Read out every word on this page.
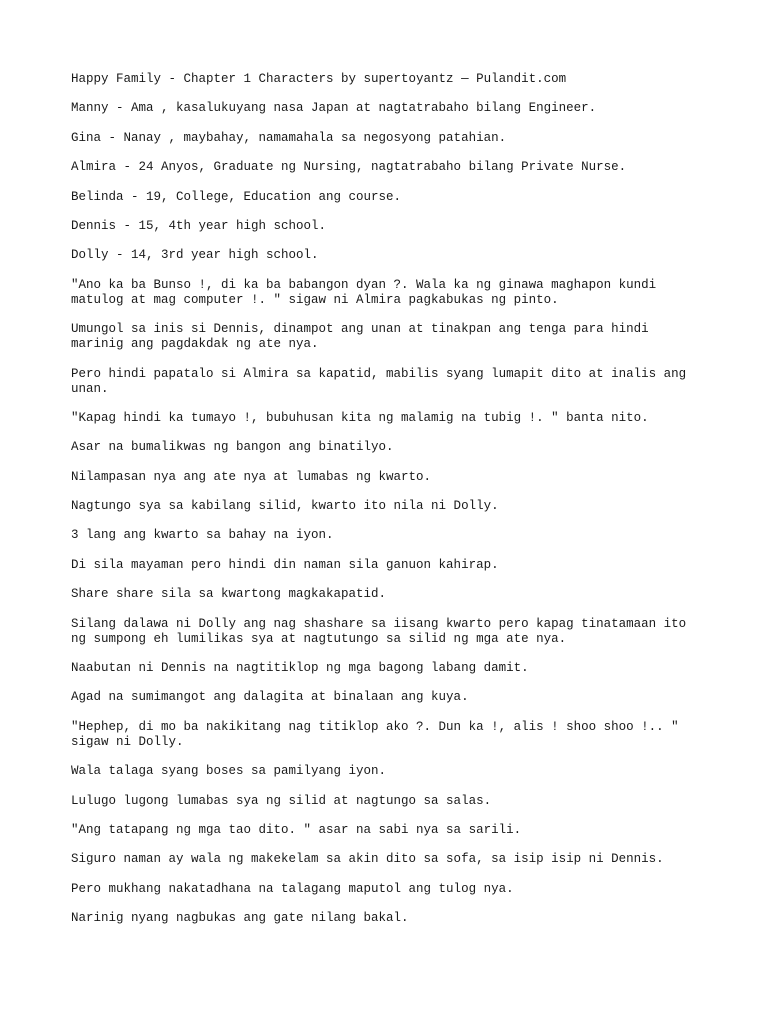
Happy Family - Chapter 1 Characters by supertoyantz — Pulandit.com

Manny - Ama , kasalukuyang nasa Japan at nagtatrabaho bilang Engineer.

Gina - Nanay , maybahay, namamahala sa negosyong patahian.

Almira - 24 Anyos, Graduate ng Nursing, nagtatrabaho bilang Private Nurse.

Belinda - 19, College, Education ang course.

Dennis - 15, 4th year high school.

Dolly - 14, 3rd year high school.

"Ano ka ba Bunso !, di ka ba babangon dyan ?. Wala ka ng ginawa maghapon kundi
matulog at mag computer !. " sigaw ni Almira pagkabukas ng pinto.

Umungol sa inis si Dennis, dinampot ang unan at tinakpan ang tenga para hindi
marinig ang pagdakdak ng ate nya.

Pero hindi papatalo si Almira sa kapatid, mabilis syang lumapit dito at inalis ang
unan.

"Kapag hindi ka tumayo !, bubuhusan kita ng malamig na tubig !. " banta nito.

Asar na bumalikwas ng bangon ang binatilyo.

Nilampasan nya ang ate nya at lumabas ng kwarto.

Nagtungo sya sa kabilang silid, kwarto ito nila ni Dolly.

3 lang ang kwarto sa bahay na iyon.

Di sila mayaman pero hindi din naman sila ganuon kahirap.

Share share sila sa kwartong magkakapatid.

Silang dalawa ni Dolly ang nag shashare sa iisang kwarto pero kapag tinatamaan ito
ng sumpong eh lumilikas sya at nagtutungo sa silid ng mga ate nya.

Naabutan ni Dennis na nagtitiklop ng mga bagong labang damit.

Agad na sumimangot ang dalagita at binalaan ang kuya.

"Hephep, di mo ba nakikitang nag titiklop ako ?. Dun ka !, alis ! shoo shoo !.. "
sigaw ni Dolly.

Wala talaga syang boses sa pamilyang iyon.

Lulugo lugong lumabas sya ng silid at nagtungo sa salas.

"Ang tatapang ng mga tao dito. " asar na sabi nya sa sarili.

Siguro naman ay wala ng makekelam sa akin dito sa sofa, sa isip isip ni Dennis.

Pero mukhang nakatadhana na talagang maputol ang tulog nya.

Narinig nyang nagbukas ang gate nilang bakal.
